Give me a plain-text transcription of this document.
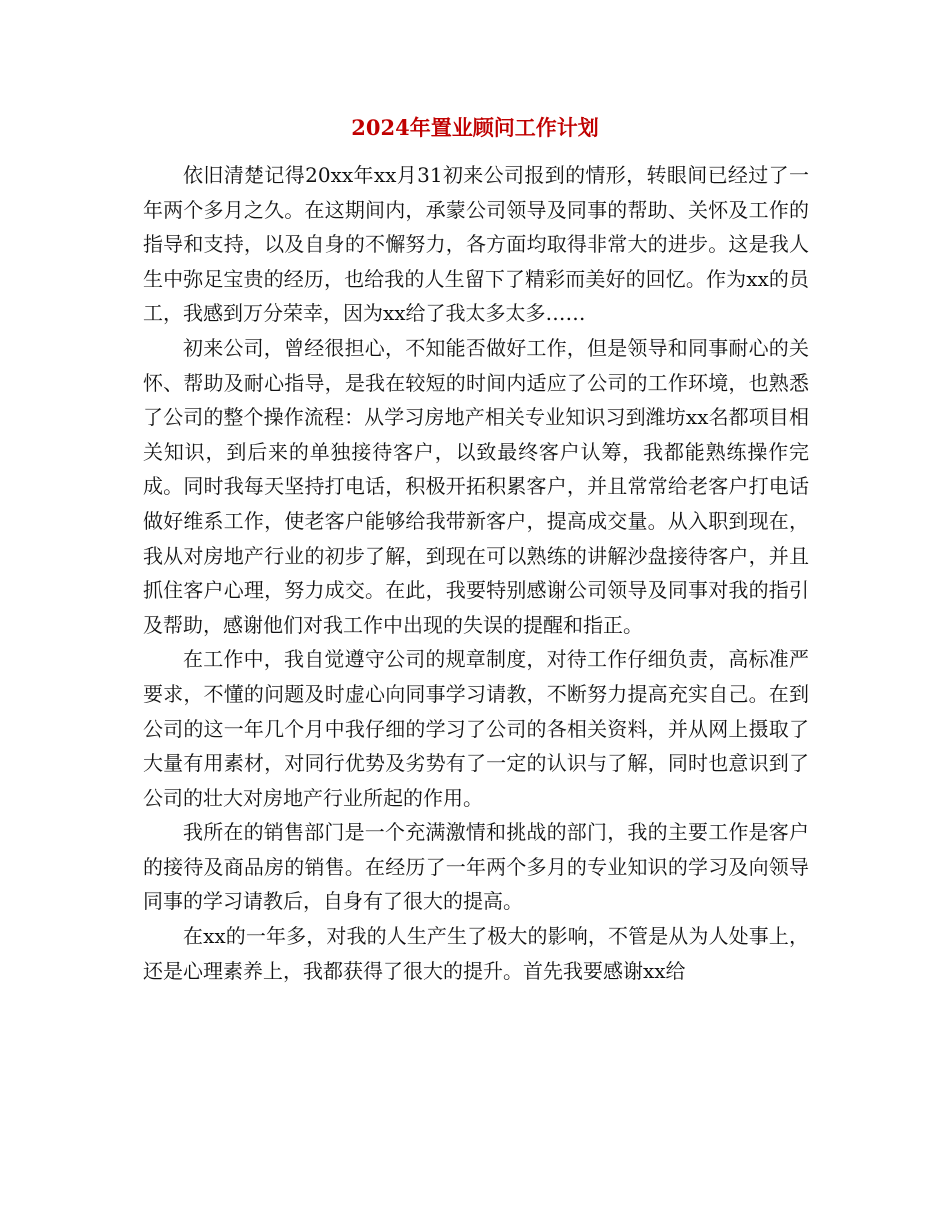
2024年置业顾问工作计划

依旧清楚记得20xx年xx月31初来公司报到的情形，转眼间已经过了一年两个多月之久。在这期间内，承蒙公司领导及同事的帮助、关怀及工作的指导和支持，以及自身的不懈努力，各方面均取得非常大的进步。这是我人生中弥足宝贵的经历，也给我的人生留下了精彩而美好的回忆。作为xx的员工，我感到万分荣幸，因为xx给了我太多太多……

初来公司，曾经很担心，不知能否做好工作，但是领导和同事耐心的关怀、帮助及耐心指导，是我在较短的时间内适应了公司的工作环境，也熟悉了公司的整个操作流程：从学习房地产相关专业知识习到潍坊xx名都项目相关知识，到后来的单独接待客户，以致最终客户认筹，我都能熟练操作完成。同时我每天坚持打电话，积极开拓积累客户，并且常常给老客户打电话做好维系工作，使老客户能够给我带新客户，提高成交量。从入职到现在，我从对房地产行业的初步了解，到现在可以熟练的讲解沙盘接待客户，并且抓住客户心理，努力成交。在此，我要特别感谢公司领导及同事对我的指引及帮助，感谢他们对我工作中出现的失误的提醒和指正。

在工作中，我自觉遵守公司的规章制度，对待工作仔细负责，高标准严要求，不懂的问题及时虚心向同事学习请教，不断努力提高充实自己。在到公司的这一年几个月中我仔细的学习了公司的各相关资料，并从网上摄取了大量有用素材，对同行优势及劣势有了一定的认识与了解，同时也意识到了公司的壮大对房地产行业所起的作用。

我所在的销售部门是一个充满激情和挑战的部门，我的主要工作是客户的接待及商品房的销售。在经历了一年两个多月的专业知识的学习及向领导同事的学习请教后，自身有了很大的提高。

在xx的一年多，对我的人生产生了极大的影响，不管是从为人处事上，还是心理素养上，我都获得了很大的提升。首先我要感谢xx给
